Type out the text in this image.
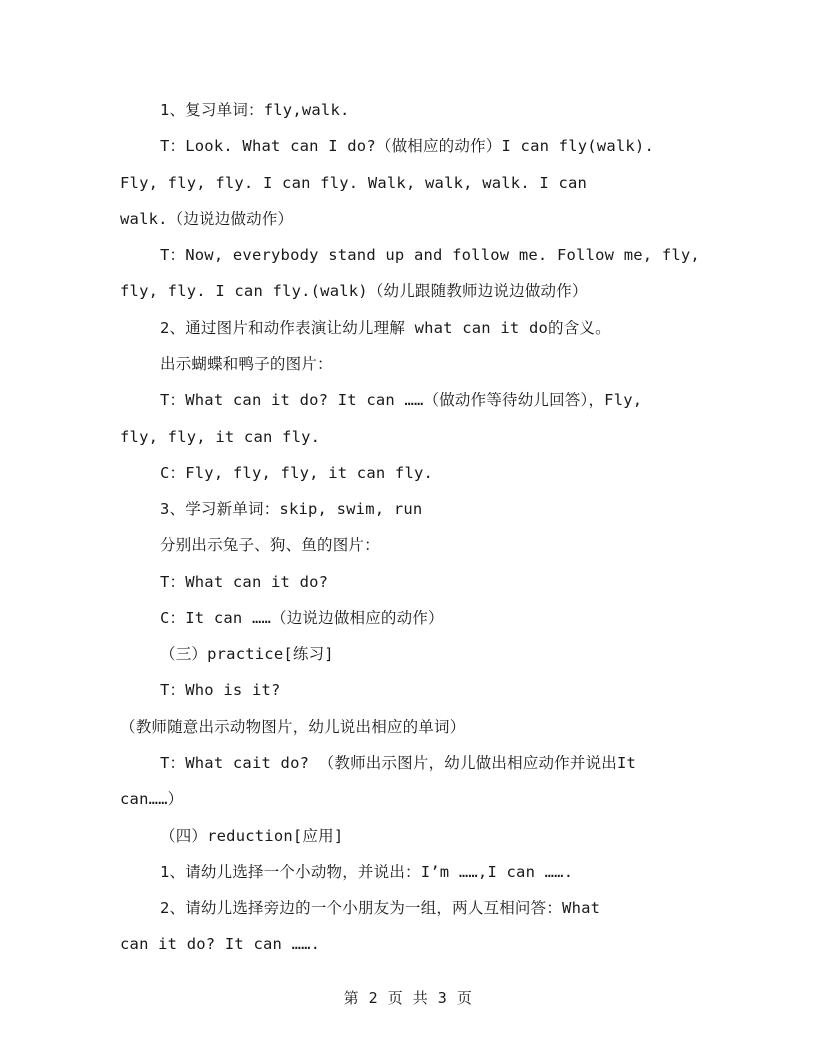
1、复习单词：fly,walk.
T：Look. What can I do?（做相应的动作）I can fly(walk).
Fly, fly, fly. I can fly. Walk, walk, walk. I can
walk.（边说边做动作）
T：Now, everybody stand up and follow me. Follow me, fly,
fly, fly. I can fly.(walk)（幼儿跟随教师边说边做动作）
2、通过图片和动作表演让幼儿理解 what can it do的含义。
出示蝴蝶和鸭子的图片：
T：What can it do? It can ……（做动作等待幼儿回答），Fly,
fly, fly, it can fly.
C：Fly, fly, fly, it can fly.
3、学习新单词：skip, swim, run
分别出示兔子、狗、鱼的图片：
T：What can it do?
C：It can ……（边说边做相应的动作）
（三）practice[练习]
T：Who is it?
（教师随意出示动物图片，幼儿说出相应的单词）
T：What cait do? （教师出示图片，幼儿做出相应动作并说出It
can……）
（四）reduction[应用]
1、请幼儿选择一个小动物，并说出：I’m ……,I can …….
2、请幼儿选择旁边的一个小朋友为一组，两人互相问答：What
can it do? It can …….
第 2 页 共 3 页
